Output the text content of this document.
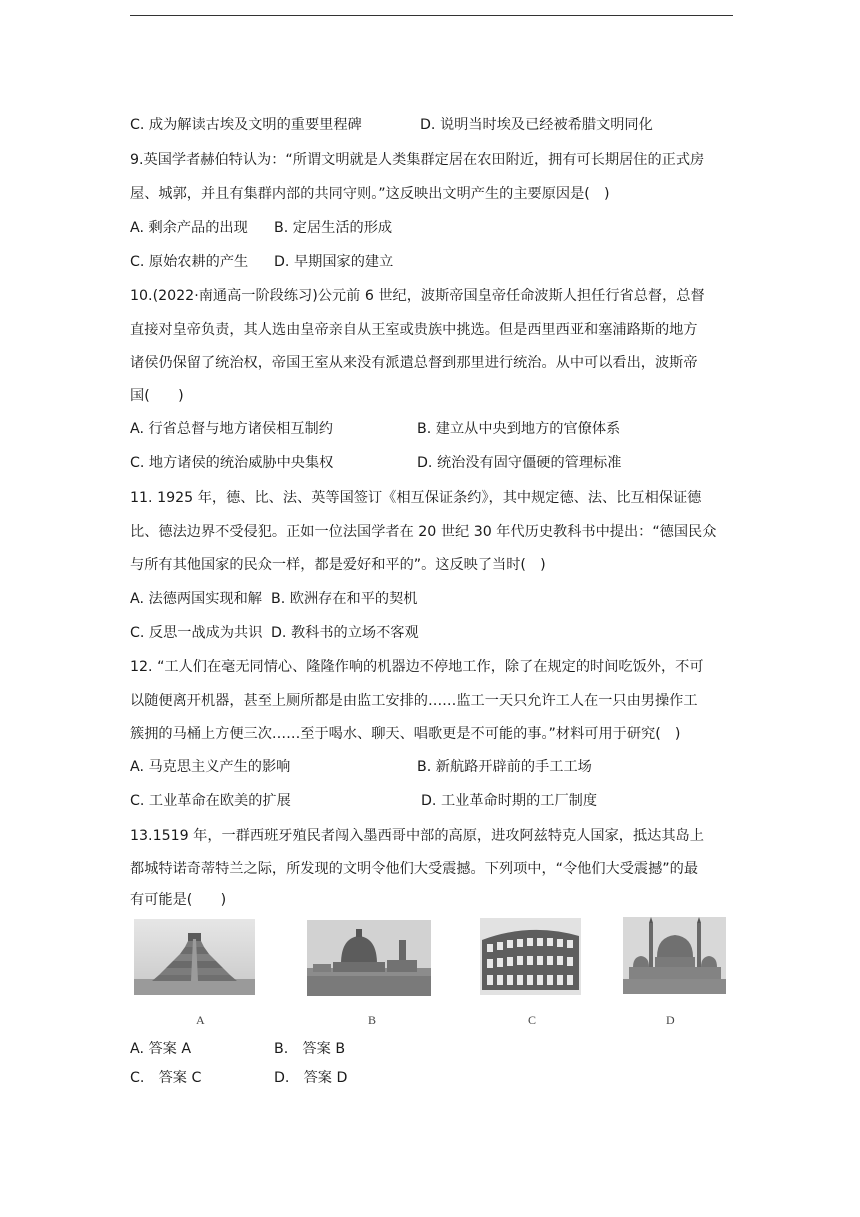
C. 成为解读古埃及文明的重要里程碑	D. 说明当时埃及已经被希腊文明同化
9.英国学者赫伯特认为：“所谓文明就是人类集群定居在农田附近，拥有可长期居住的正式房
屋、城郭，并且有集群内部的共同守则。”这反映出文明产生的主要原因是(　)
A. 剩余产品的出现 B. 定居生活的形成
C. 原始农耕的产生 D. 早期国家的建立
10.(2022·南通高一阶段练习)公元前 6 世纪，波斯帝国皇帝任命波斯人担任行省总督，总督
直接对皇帝负责，其人选由皇帝亲自从王室或贵族中挑选。但是西里西亚和塞浦路斯的地方
诸侯仍保留了统治权，帝国王室从来没有派遣总督到那里进行统治。从中可以看出，波斯帝
国(　　)
A. 行省总督与地方诸侯相互制约	B. 建立从中央到地方的官僚体系
C. 地方诸侯的统治威胁中央集权	D. 统治没有固守僵硬的管理标准
11. 1925 年，德、比、法、英等国签订《相互保证条约》，其中规定德、法、比互相保证德
比、德法边界不受侵犯。正如一位法国学者在 20 世纪 30 年代历史教科书中提出：“德国民众
与所有其他国家的民众一样，都是爱好和平的”。这反映了当时(　)
A. 法德两国实现和解 B. 欧洲存在和平的契机
C. 反思一战成为共识 D. 教科书的立场不客观
12. “工人们在毫无同情心、隆隆作响的机器边不停地工作，除了在规定的时间吃饭外，不可
以随便离开机器，甚至上厕所都是由监工安排的……监工一天只允许工人在一只由男操作工
簇拥的马桶上方便三次……至于喝水、聊天、唱歌更是不可能的事。”材料可用于研究(　)
A. 马克思主义产生的影响	B. 新航路开辟前的手工工场
C. 工业革命在欧美的扩展	D. 工业革命时期的工厂制度
13.1519 年，一群西班牙殖民者闯入墨西哥中部的高原，进攻阿兹特克人国家，抵达其岛上
都城特诺奇蒂特兰之际，所发现的文明令他们大受震撼。下列项中，“令他们大受震撼”的最
有可能是(　　)
A	B	C	D
A. 答案 A	B.　答案 B
C.　答案 C	D.　答案 D
